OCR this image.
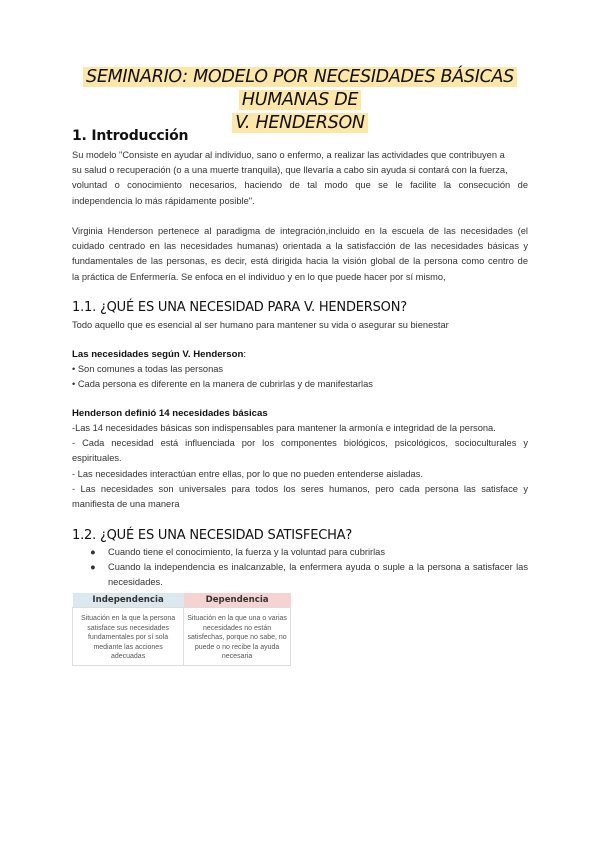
SEMINARIO: MODELO POR NECESIDADES BÁSICAS HUMANAS DE
V. HENDERSON
1. Introducción
Su modelo "Consiste en ayudar al individuo, sano o enfermo, a realizar las actividades que contribuyen a
su salud o recuperación (o a una muerte tranquila), que llevaría a cabo sin ayuda si contará con la fuerza,
voluntad o conocimiento necesarios, haciendo de tal modo que se le facilite la consecución de
independencia lo más rápidamente posible".
Virginia Henderson pertenece al paradigma de integración,incluido en la escuela de las necesidades (el
cuidado centrado en las necesidades humanas) orientada a la satisfacción de las necesidades básicas y
fundamentales de las personas, es decir, está dirigida hacia la visión global de la persona como centro de
la práctica de Enfermería. Se enfoca en el individuo y en lo que puede hacer por sí mismo,
1.1. ¿QUÉ ES UNA NECESIDAD PARA V. HENDERSON?
Todo aquello que es esencial al ser humano para mantener su vida o asegurar su bienestar
Las necesidades según V. Henderson:
• Son comunes a todas las personas
• Cada persona es diferente en la manera de cubrirlas y de manifestarlas
Henderson definió 14 necesidades básicas
-Las 14 necesidades básicas son indispensables para mantener la armonía e integridad de la persona.
- Cada necesidad está influenciada por los componentes biológicos, psicológicos, socioculturales y
espirituales.
- Las necesidades interactúan entre ellas, por lo que no pueden entenderse aisladas.
- Las necesidades son universales para todos los seres humanos, pero cada persona las satisface y
manifiesta de una manera
1.2. ¿QUÉ ES UNA NECESIDAD SATISFECHA?
● Cuando tiene el conocimiento, la fuerza y la voluntad para cubrirlas
● Cuando la independencia es inalcanzable, la enfermera ayuda o suple a la persona a satisfacer las necesidades.
Independencia	Dependencia
Situación en la que la persona satisface sus necesidades fundamentales por sí sola mediante las acciones adecuadas	Situación en la que una o varias necesidades no están satisfechas, porque no sabe, no puede o no recibe la ayuda necesaria
